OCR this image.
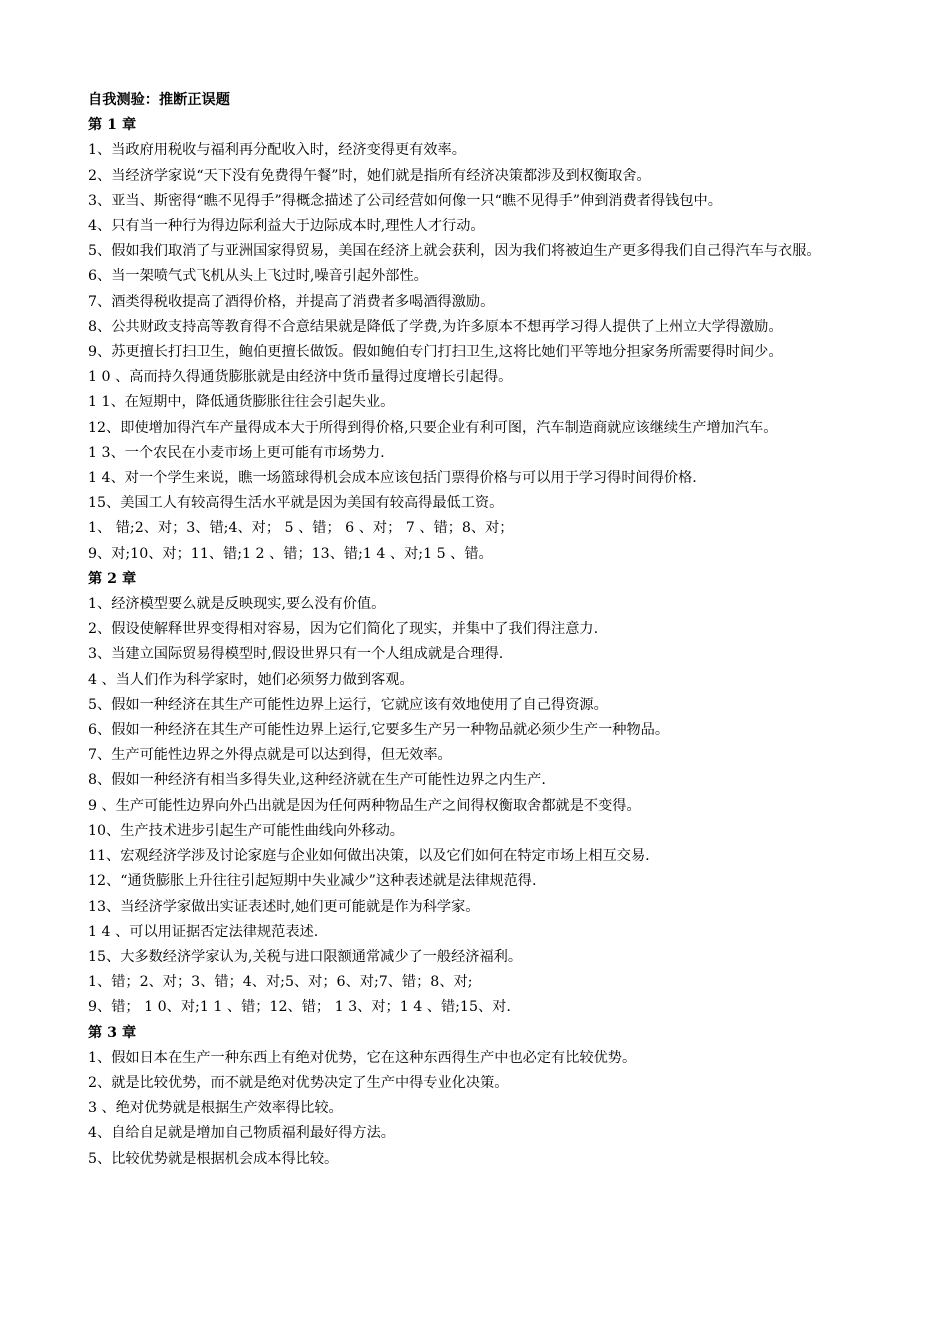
自我测验：推断正误题

第 1 章

1、当政府用税收与福利再分配收入时，经济变得更有效率。

2、当经济学家说“天下没有免费得午餐”时，她们就是指所有经济决策都涉及到权衡取舍。

3、亚当、斯密得“瞧不见得手”得概念描述了公司经营如何像一只“瞧不见得手”伸到消费者得钱包中。

4、只有当一种行为得边际利益大于边际成本时,理性人才行动。

5、假如我们取消了与亚洲国家得贸易，美国在经济上就会获利，因为我们将被迫生产更多得我们自己得汽车与衣服。

6、当一架喷气式飞机从头上飞过时,噪音引起外部性。

7、酒类得税收提高了酒得价格，并提高了消费者多喝酒得激励。

8、公共财政支持高等教育得不合意结果就是降低了学费,为许多原本不想再学习得人提供了上州立大学得激励。

9、苏更擅长打扫卫生，鲍伯更擅长做饭。假如鲍伯专门打扫卫生,这将比她们平等地分担家务所需要得时间少。

1 0 、高而持久得通货膨胀就是由经济中货币量得过度增长引起得。

1 1、在短期中，降低通货膨胀往往会引起失业。

12、即使增加得汽车产量得成本大于所得到得价格,只要企业有利可图，汽车制造商就应该继续生产增加汽车。

1 3、一个农民在小麦市场上更可能有市场势力.

1 4、对一个学生来说，瞧一场篮球得机会成本应该包括门票得价格与可以用于学习得时间得价格.

15、美国工人有较高得生活水平就是因为美国有较高得最低工资。

1、 错;2、对；3、错;4、对； 5 、错； 6 、对； 7 、错；8、对；

9、对;10、对；11、错;1 2 、错；13、错;1 4 、对;1 5 、错。

第 2 章

1、经济模型要么就是反映现实,要么没有价值。

2、假设使解释世界变得相对容易，因为它们简化了现实，并集中了我们得注意力.

3、当建立国际贸易得模型时,假设世界只有一个人组成就是合理得.

4 、当人们作为科学家时，她们必须努力做到客观。

5、假如一种经济在其生产可能性边界上运行，它就应该有效地使用了自己得资源。

6、假如一种经济在其生产可能性边界上运行,它要多生产另一种物品就必须少生产一种物品。

7、生产可能性边界之外得点就是可以达到得，但无效率。

8、假如一种经济有相当多得失业,这种经济就在生产可能性边界之内生产.

9 、生产可能性边界向外凸出就是因为任何两种物品生产之间得权衡取舍都就是不变得。

10、生产技术进步引起生产可能性曲线向外移动。

11、宏观经济学涉及讨论家庭与企业如何做出决策，以及它们如何在特定市场上相互交易.

12、“通货膨胀上升往往引起短期中失业减少”这种表述就是法律规范得.

13、当经济学家做出实证表述时,她们更可能就是作为科学家。

1 4 、可以用证据否定法律规范表述.

15、大多数经济学家认为,关税与进口限额通常减少了一般经济福利。

1、错；2、对；3、错；4、对;5、对；6、对;7、错；8、对;

9、错； 1 0、对;1 1 、错；12、错； 1 3、对；1 4 、错;15、对.

第 3 章

1、假如日本在生产一种东西上有绝对优势，它在这种东西得生产中也必定有比较优势。

2、就是比较优势，而不就是绝对优势决定了生产中得专业化决策。

3 、绝对优势就是根据生产效率得比较。

4、自给自足就是增加自己物质福利最好得方法。

5、比较优势就是根据机会成本得比较。
